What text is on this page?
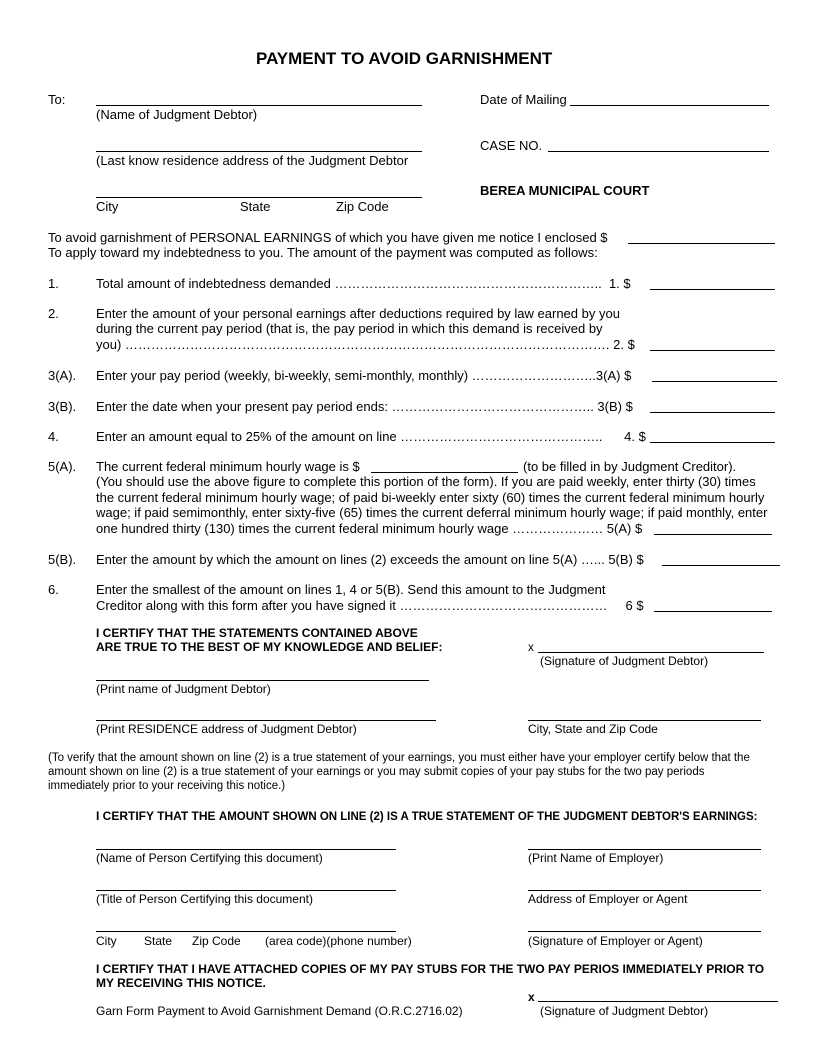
PAYMENT TO AVOID GARNISHMENT
To:
(Name of Judgment Debtor)
(Last know residence address of the Judgment Debtor
City	State	Zip Code
Date of Mailing
CASE NO.
BEREA MUNICIPAL COURT
To avoid garnishment of PERSONAL EARNINGS of which you have given me notice I enclosed $
To apply toward my indebtedness to you. The amount of the payment was computed as follows:
1.	Total amount of indebtedness demanded ……………………………………………………..  1. $
2.	Enter the amount of your personal earnings after deductions required by law earned by you
during the current pay period (that is, the pay period in which this demand is received by
you) …………………………………………………………………………………………………. 2. $
3(A). Enter your pay period (weekly, bi-weekly, semi-monthly, monthly) ………………………..3(A) $
3(B). Enter the date when your present pay period ends: ……………………………………….. 3(B) $
4.	Enter an amount equal to 25% of the amount on line ………………………………………..      4. $
5(A). The current federal minimum hourly wage is $	(to be filled in by Judgment Creditor).
(You should use the above figure to complete this portion of the form). If you are paid weekly, enter thirty (30) times
the current federal minimum hourly wage; of paid bi-weekly enter sixty (60) times the current federal minimum hourly
wage; if paid semimonthly, enter sixty-five (65) times the current deferral minimum hourly wage; if paid monthly, enter
one hundred thirty (130) times the current federal minimum hourly wage ………………… 5(A) $
5(B). Enter the amount by which the amount on lines (2) exceeds the amount on line 5(A) …... 5(B) $
6.	Enter the smallest of the amount on lines 1, 4 or 5(B). Send this amount to the Judgment
Creditor along with this form after you have signed it …………………………………………     6 $
I CERTIFY THAT THE STATEMENTS CONTAINED ABOVE
ARE TRUE TO THE BEST OF MY KNOWLEDGE AND BELIEF:	x
(Signature of Judgment Debtor)
(Print name of Judgment Debtor)
(Print RESIDENCE address of Judgment Debtor)	City, State and Zip Code
(To verify that the amount shown on line (2) is a true statement of your earnings, you must either have your employer certify below that the
amount shown on line (2) is a true statement of your earnings or you may submit copies of your pay stubs for the two pay periods
immediately prior to your receiving this notice.)
I CERTIFY THAT THE AMOUNT SHOWN ON LINE (2) IS A TRUE STATEMENT OF THE JUDGMENT DEBTOR'S EARNINGS:
(Name of Person Certifying this document)	(Print Name of Employer)
(Title of Person Certifying this document)	Address of Employer or Agent
City State Zip Code (area code)(phone number)	(Signature of Employer or Agent)
I CERTIFY THAT I HAVE ATTACHED COPIES OF MY PAY STUBS FOR THE TWO PAY PERIOS IMMEDIATELY PRIOR TO
MY RECEIVING THIS NOTICE.
x
(Signature of Judgment Debtor)
Garn Form Payment to Avoid Garnishment Demand (O.R.C.2716.02)
